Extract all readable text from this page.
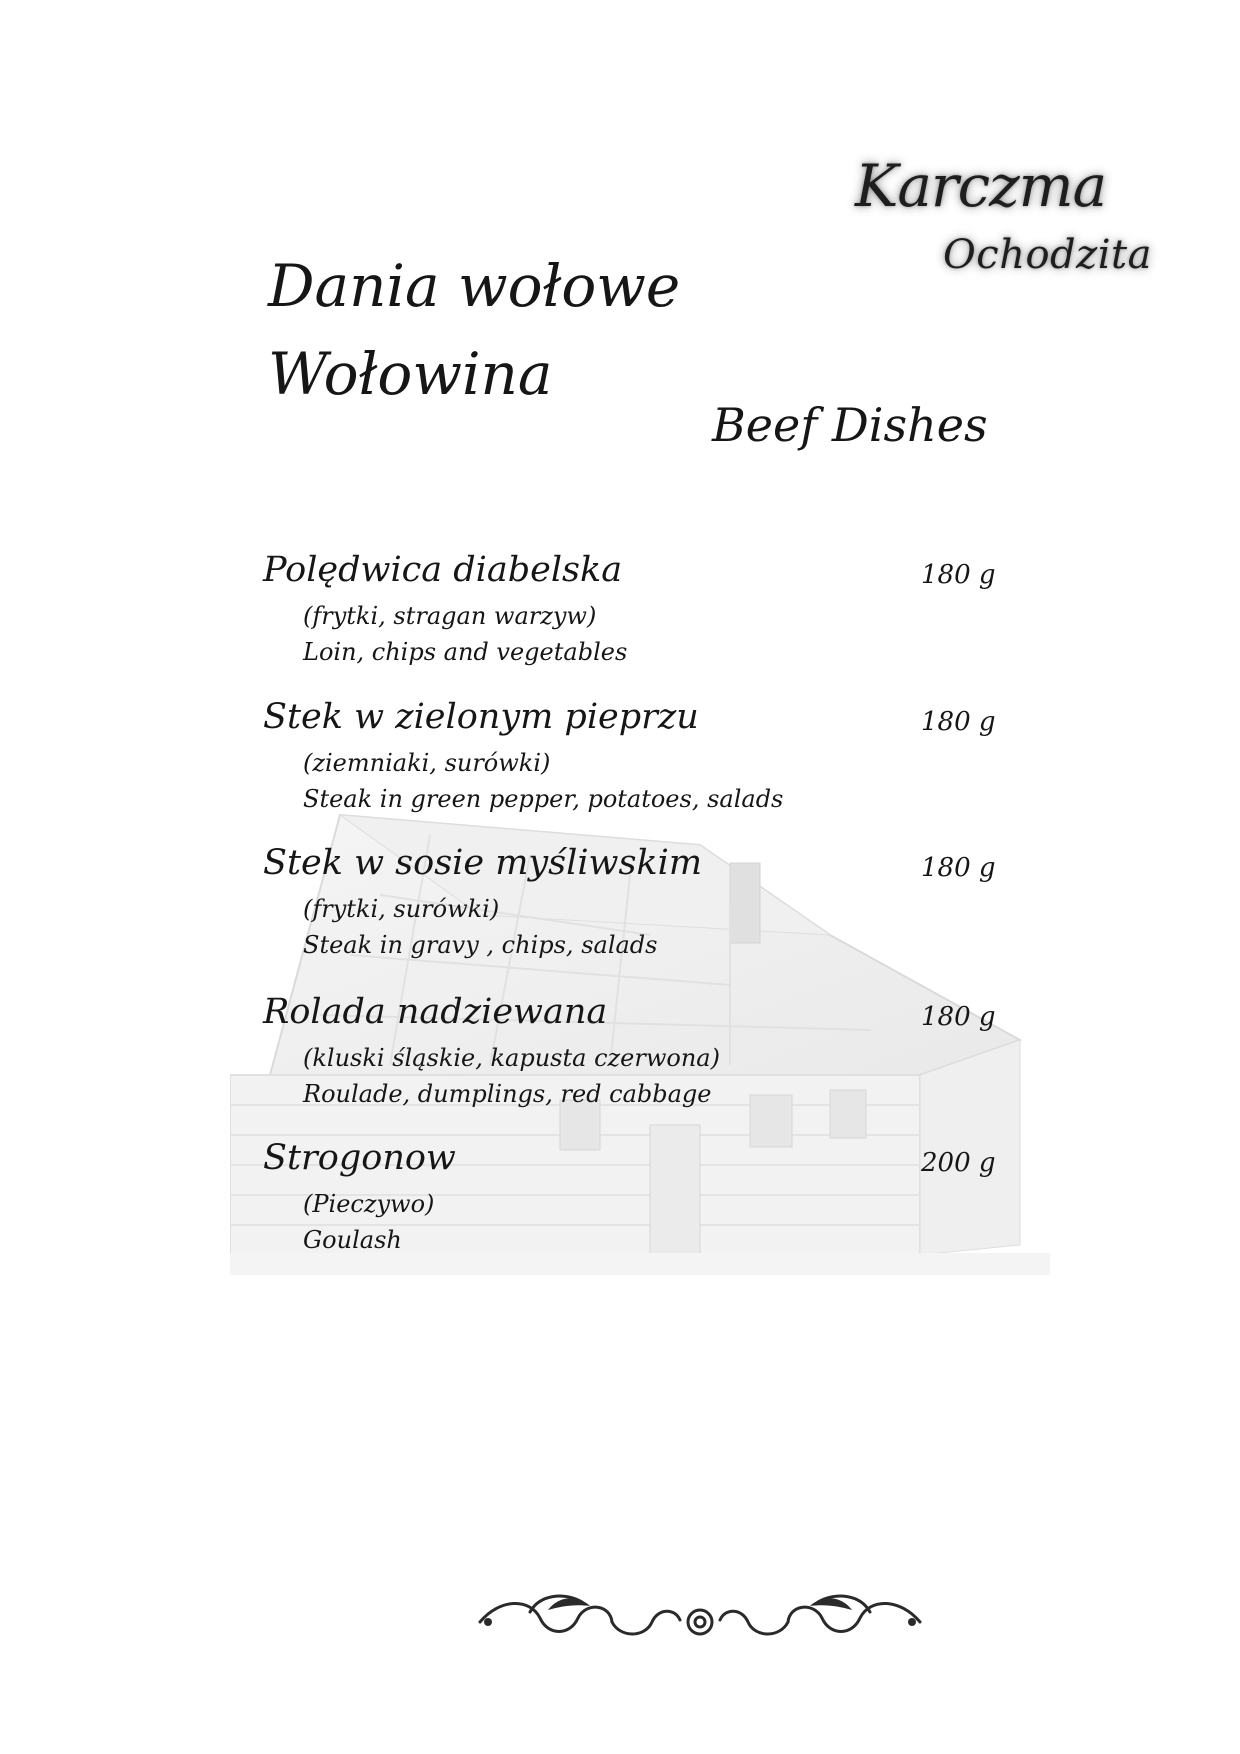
Karczma
Ochodzita
Dania wołowe
Wołowina
Beef Dishes
Polędwica diabelska
(frytki, stragan warzyw)
Loin, chips and vegetables
180 g
Stek w zielonym pieprzu
(ziemniaki, surówki)
Steak in green pepper, potatoes, salads
180 g
Stek w sosie myśliwskim
(frytki, surówki)
Steak in gravy , chips, salads
180 g
Rolada nadziewana
(kluski śląskie, kapusta czerwona)
Roulade, dumplings, red cabbage
180 g
Strogonow
(Pieczywo)
Goulash
200 g
